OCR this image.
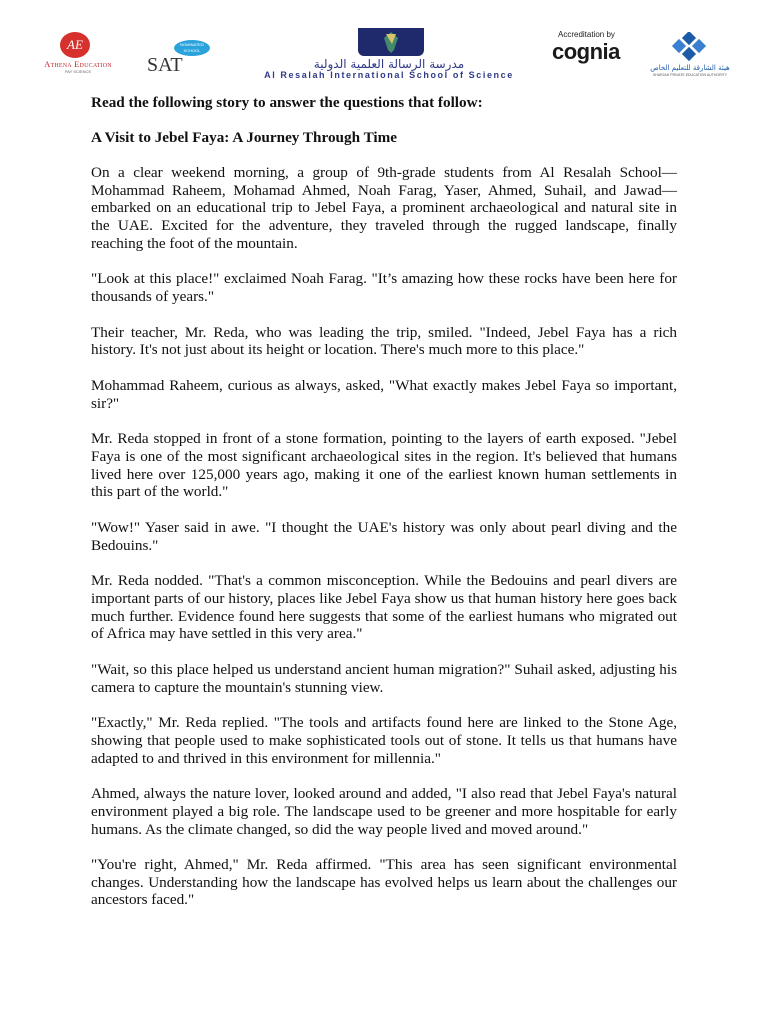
AE
Athena Education
PAY SCIENCE
NOMINATED SCHOOL
SAT	مدرسة الرسالة العلمية الدولية
Al Resalah International School of Science
Accreditation by
cognia
هيئة الشارقة للتعليم الخاص
SHARJAH PRIVATE EDUCATION AUTHORITY

Read the following story to answer the questions that follow:

A Visit to Jebel Faya: A Journey Through Time

On a clear weekend morning, a group of 9th-grade students from Al Resalah School—Mohammad Raheem, Mohamad Ahmed, Noah Farag, Yaser, Ahmed, Suhail, and Jawad—embarked on an educational trip to Jebel Faya, a prominent archaeological and natural site in the UAE. Excited for the adventure, they traveled through the rugged landscape, finally reaching the foot of the mountain.

"Look at this place!" exclaimed Noah Farag. "It’s amazing how these rocks have been here for thousands of years."

Their teacher, Mr. Reda, who was leading the trip, smiled. "Indeed, Jebel Faya has a rich history. It's not just about its height or location. There's much more to this place."

Mohammad Raheem, curious as always, asked, "What exactly makes Jebel Faya so important, sir?"

Mr. Reda stopped in front of a stone formation, pointing to the layers of earth exposed. "Jebel Faya is one of the most significant archaeological sites in the region. It's believed that humans lived here over 125,000 years ago, making it one of the earliest known human settlements in this part of the world."

"Wow!" Yaser said in awe. "I thought the UAE's history was only about pearl diving and the Bedouins."

Mr. Reda nodded. "That's a common misconception. While the Bedouins and pearl divers are important parts of our history, places like Jebel Faya show us that human history here goes back much further. Evidence found here suggests that some of the earliest humans who migrated out of Africa may have settled in this very area."

"Wait, so this place helped us understand ancient human migration?" Suhail asked, adjusting his camera to capture the mountain's stunning view.

"Exactly," Mr. Reda replied. "The tools and artifacts found here are linked to the Stone Age, showing that people used to make sophisticated tools out of stone. It tells us that humans have adapted to and thrived in this environment for millennia."

Ahmed, always the nature lover, looked around and added, "I also read that Jebel Faya's natural environment played a big role. The landscape used to be greener and more hospitable for early humans. As the climate changed, so did the way people lived and moved around."

"You're right, Ahmed," Mr. Reda affirmed. "This area has seen significant environmental changes. Understanding how the landscape has evolved helps us learn about the challenges our ancestors faced."
